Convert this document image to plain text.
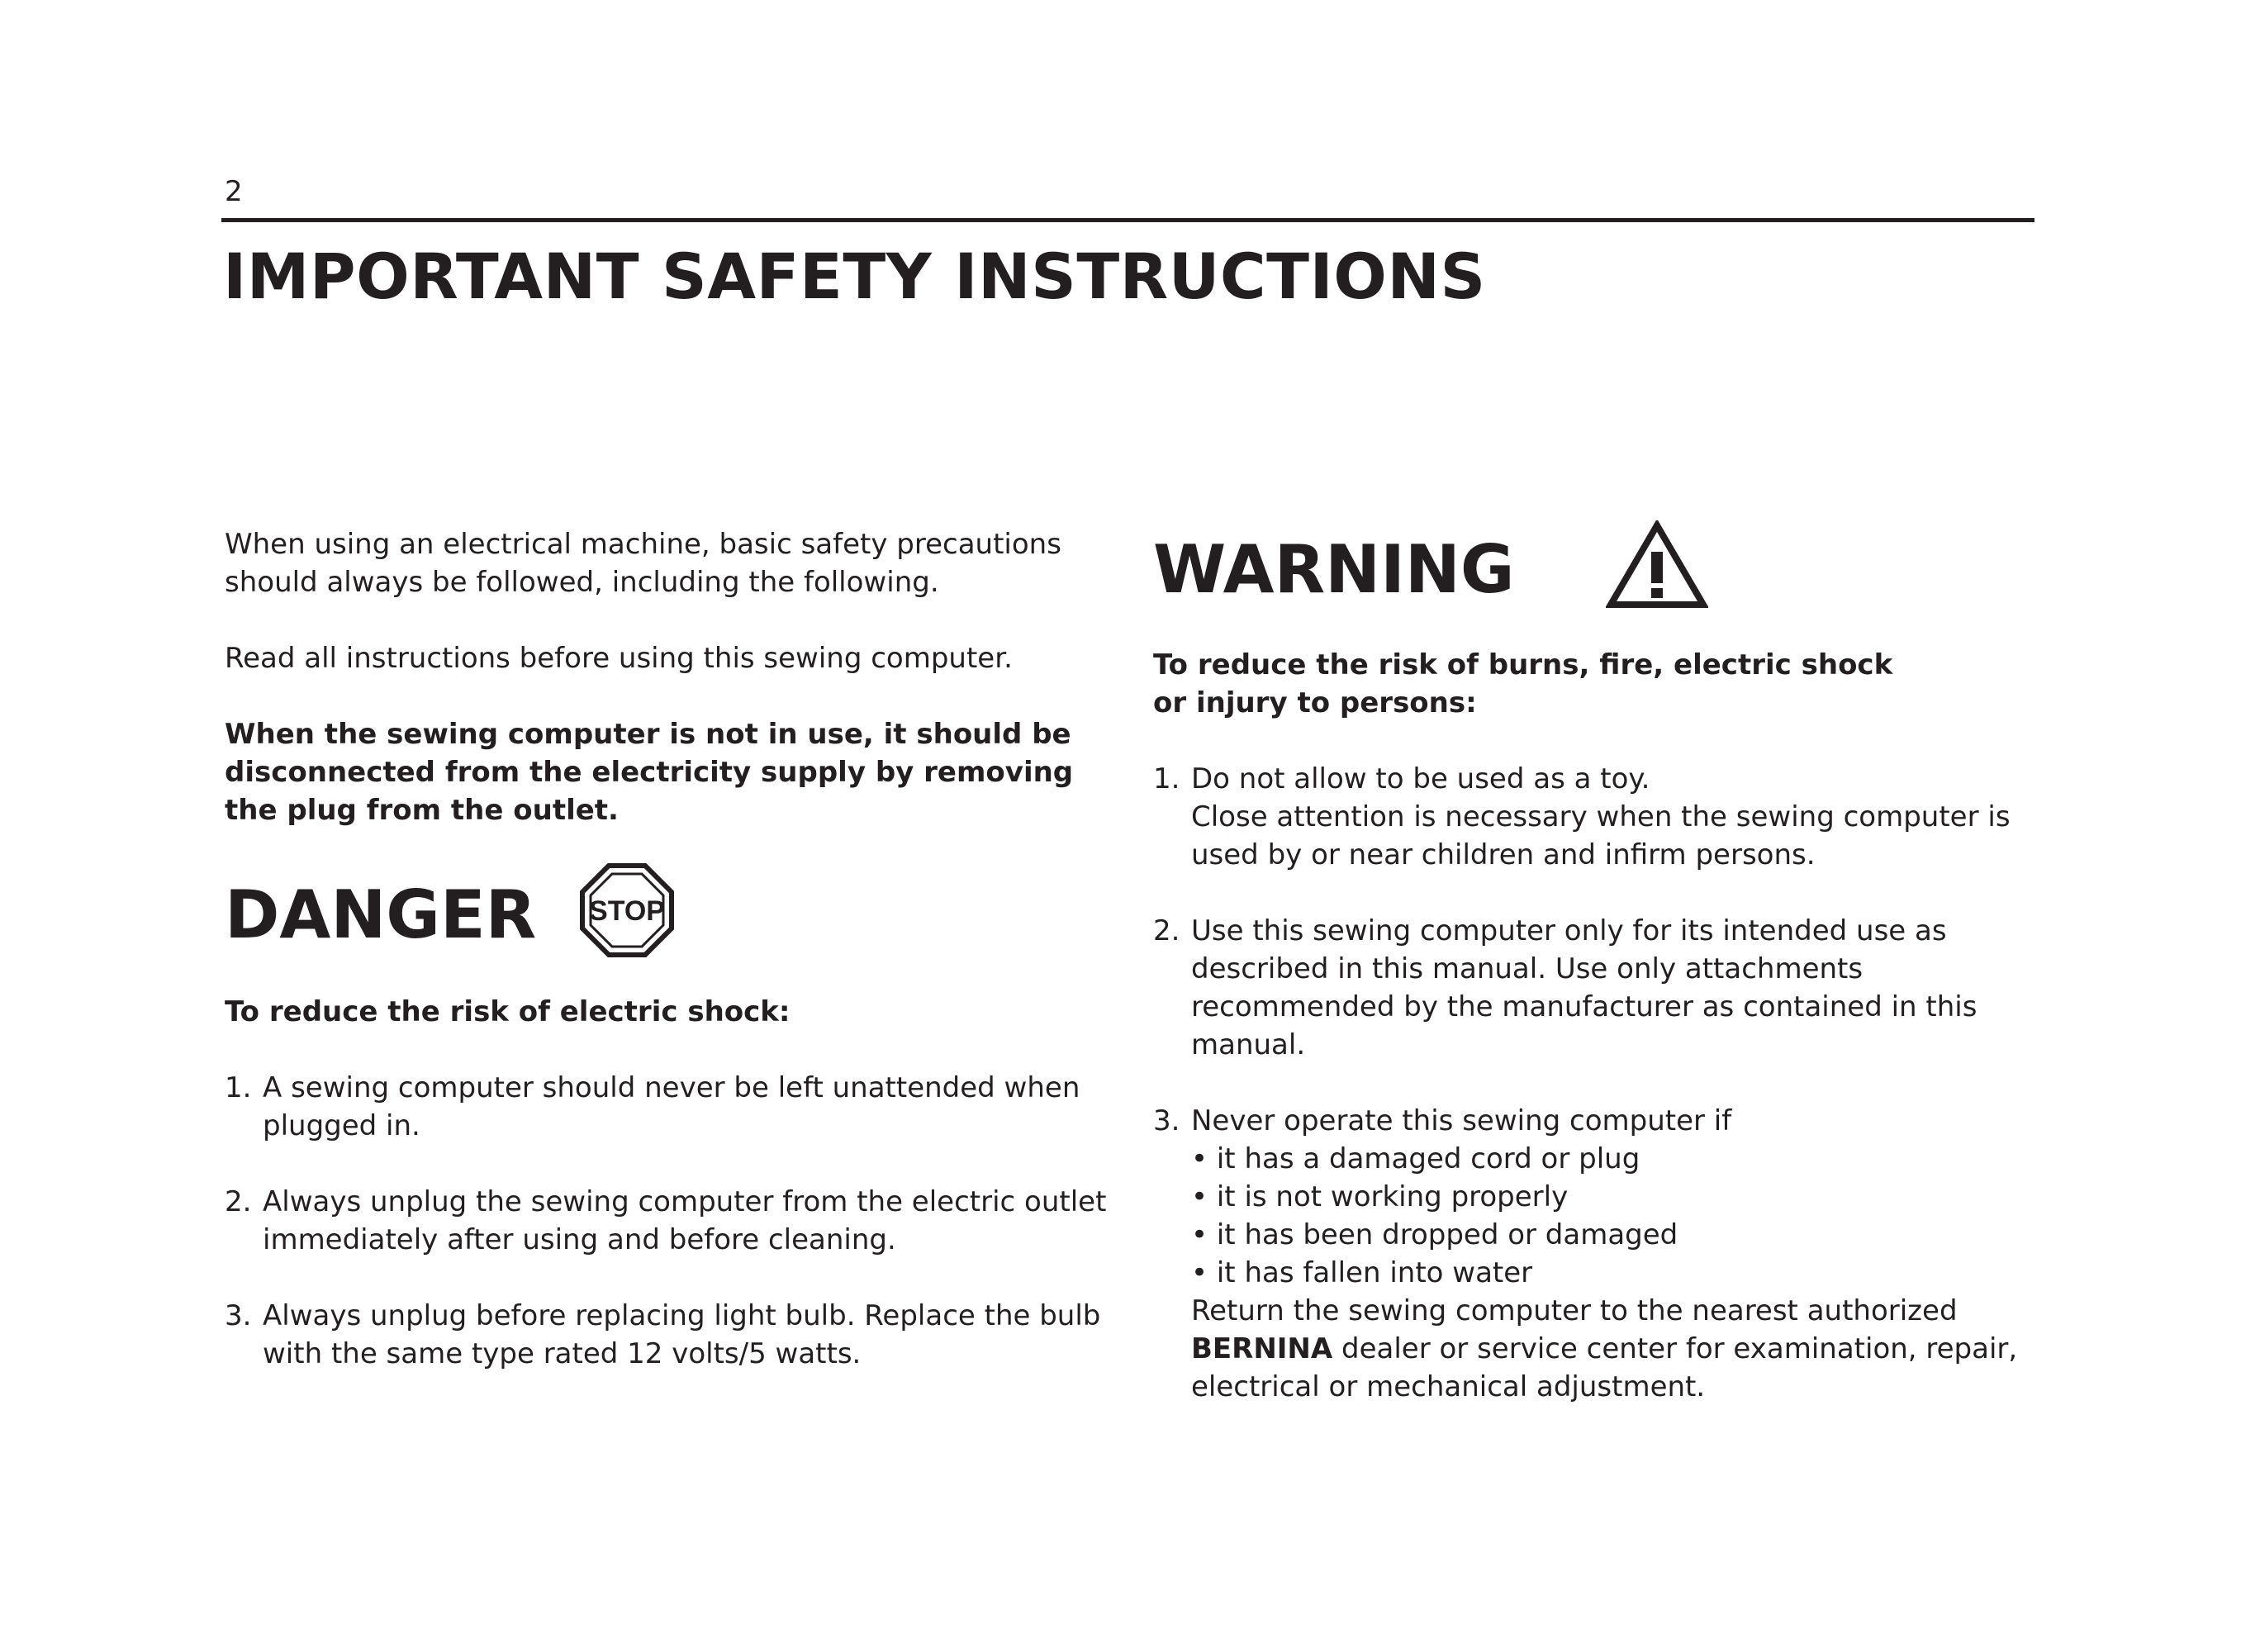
2
IMPORTANT SAFETY INSTRUCTIONS

When using an electrical machine, basic safety precautions should always be followed, including the following.

Read all instructions before using this sewing computer.

When the sewing computer is not in use, it should be disconnected from the electricity supply by removing the plug from the outlet.

DANGER STOP

To reduce the risk of electric shock:

1. A sewing computer should never be left unattended when plugged in.
2. Always unplug the sewing computer from the electric outlet immediately after using and before cleaning.
3. Always unplug before replacing light bulb. Replace the bulb with the same type rated 12 volts/5 watts.
WARNING

To reduce the risk of burns, fire, electric shock or injury to persons:

1. Do not allow to be used as a toy.
Close attention is necessary when the sewing computer is used by or near children and infirm persons.
2. Use this sewing computer only for its intended use as described in this manual. Use only attachments recommended by the manufacturer as contained in this manual.
3. Never operate this sewing computer if
• it has a damaged cord or plug
• it is not working properly
• it has been dropped or damaged
• it has fallen into water
Return the sewing computer to the nearest authorized
BERNINA dealer or service center for examination, repair, electrical or mechanical adjustment.
